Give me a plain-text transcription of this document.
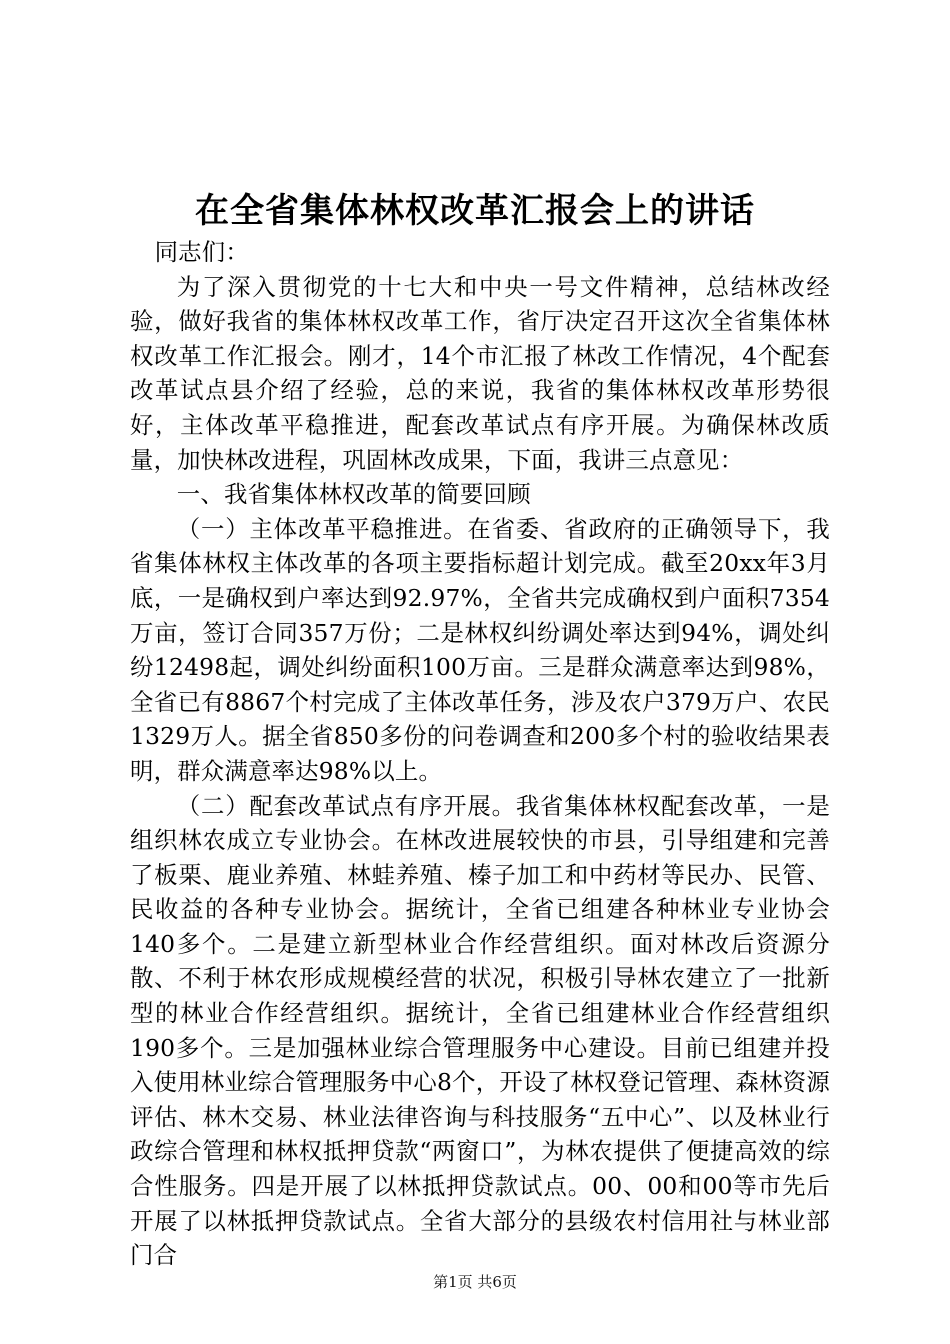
在全省集体林权改革汇报会上的讲话

同志们：

为了深入贯彻党的十七大和中央一号文件精神，总结林改经验，做好我省的集体林权改革工作，省厅决定召开这次全省集体林权改革工作汇报会。刚才，14个市汇报了林改工作情况，4个配套改革试点县介绍了经验，总的来说，我省的集体林权改革形势很好，主体改革平稳推进，配套改革试点有序开展。为确保林改质量，加快林改进程，巩固林改成果，下面，我讲三点意见：

一、我省集体林权改革的简要回顾

（一）主体改革平稳推进。在省委、省政府的正确领导下，我省集体林权主体改革的各项主要指标超计划完成。截至20xx年3月底，一是确权到户率达到92.97%，全省共完成确权到户面积7354万亩，签订合同357万份；二是林权纠纷调处率达到94%，调处纠纷12498起，调处纠纷面积100万亩。三是群众满意率达到98%，全省已有8867个村完成了主体改革任务，涉及农户379万户、农民1329万人。据全省850多份的问卷调查和200多个村的验收结果表明，群众满意率达98%以上。

（二）配套改革试点有序开展。我省集体林权配套改革，一是组织林农成立专业协会。在林改进展较快的市县，引导组建和完善了板栗、鹿业养殖、林蛙养殖、榛子加工和中药材等民办、民管、民收益的各种专业协会。据统计，全省已组建各种林业专业协会140多个。二是建立新型林业合作经营组织。面对林改后资源分散、不利于林农形成规模经营的状况，积极引导林农建立了一批新型的林业合作经营组织。据统计，全省已组建林业合作经营组织190多个。三是加强林业综合管理服务中心建设。目前已组建并投入使用林业综合管理服务中心8个，开设了林权登记管理、森林资源评估、林木交易、林业法律咨询与科技服务“五中心”、以及林业行政综合管理和林权抵押贷款“两窗口”，为林农提供了便捷高效的综合性服务。四是开展了以林抵押贷款试点。00、00和00等市先后开展了以林抵押贷款试点。全省大部分的县级农村信用社与林业部门合

第1页 共6页
